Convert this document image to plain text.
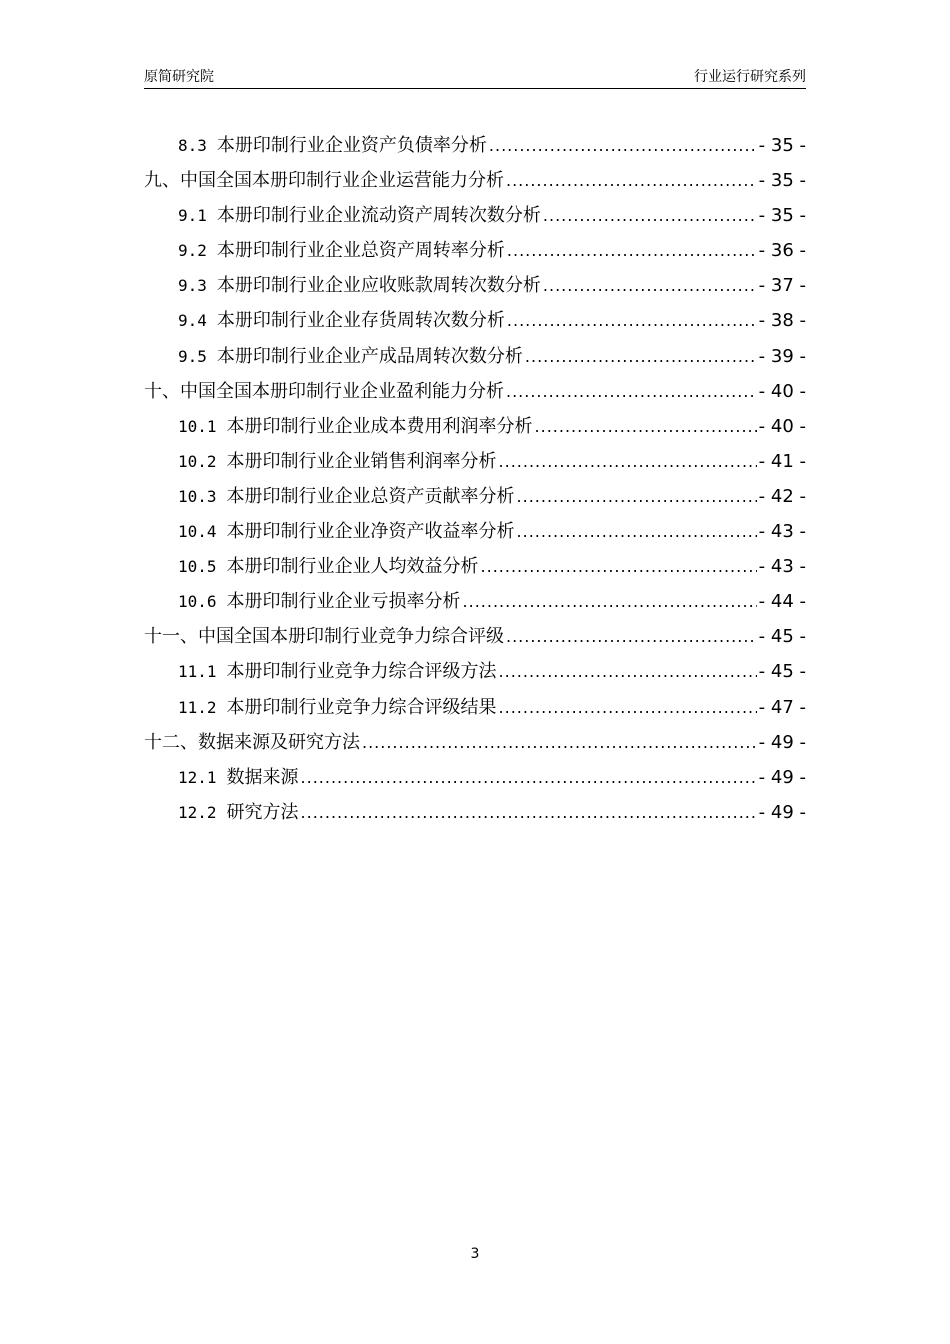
原简研究院	行业运行研究系列
8.3 本册印制行业企业资产负债率分析 .....	- 35 -
九、中国全国本册印制行业企业运营能力分析 .....	- 35 -
9.1 本册印制行业企业流动资产周转次数分析 .....	- 35 -
9.2 本册印制行业企业总资产周转率分析 .....	- 36 -
9.3 本册印制行业企业应收账款周转次数分析 .....	- 37 -
9.4 本册印制行业企业存货周转次数分析 .....	- 38 -
9.5 本册印制行业企业产成品周转次数分析 .....	- 39 -
十、中国全国本册印制行业企业盈利能力分析 .....	- 40 -
10.1 本册印制行业企业成本费用利润率分析 .....	- 40 -
10.2 本册印制行业企业销售利润率分析 .....	- 41 -
10.3 本册印制行业企业总资产贡献率分析 .....	- 42 -
10.4 本册印制行业企业净资产收益率分析 .....	- 43 -
10.5 本册印制行业企业人均效益分析 .....	- 43 -
10.6 本册印制行业企业亏损率分析 .....	- 44 -
十一、中国全国本册印制行业竞争力综合评级 .....	- 45 -
11.1 本册印制行业竞争力综合评级方法 .....	- 45 -
11.2 本册印制行业竞争力综合评级结果 .....	- 47 -
十二、数据来源及研究方法 .....	- 49 -
12.1 数据来源 .....	- 49 -
12.2 研究方法 .....	- 49 -
3
